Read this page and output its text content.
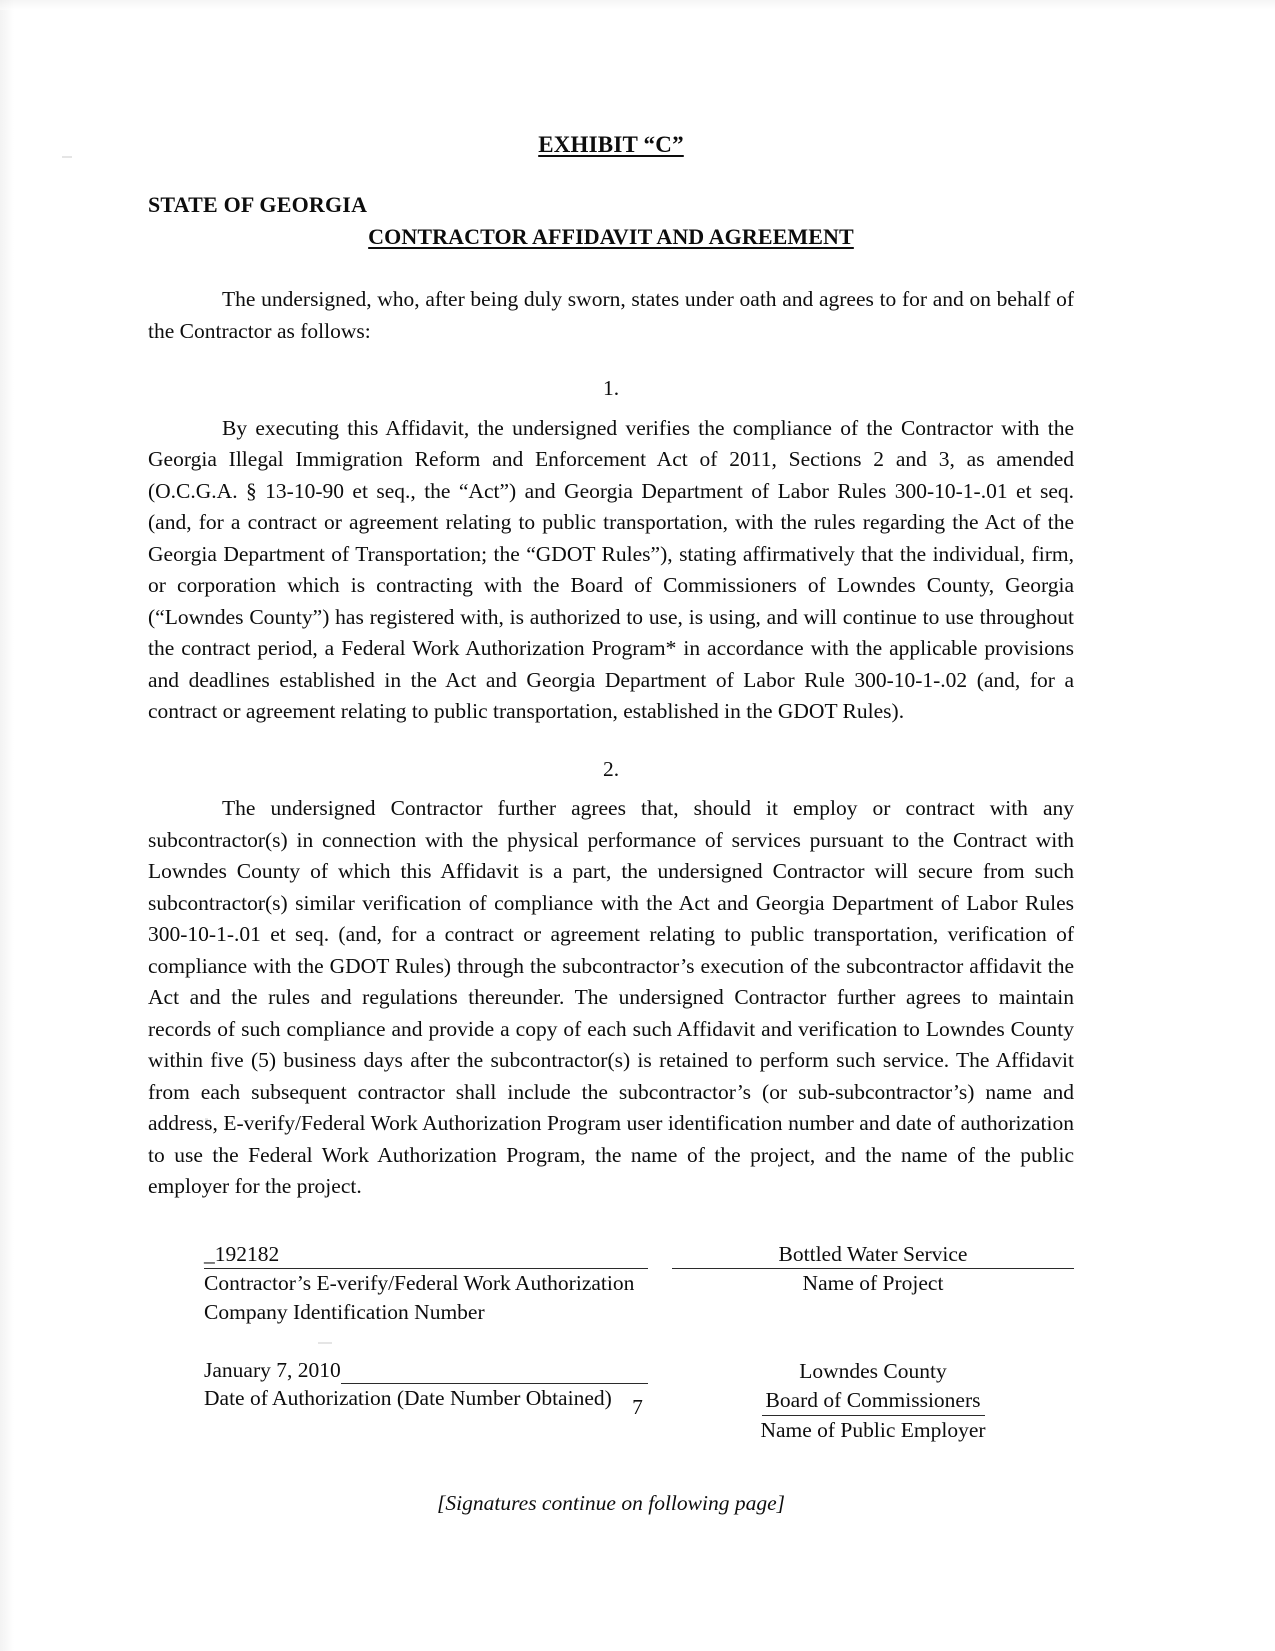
EXHIBIT “C”
STATE OF GEORGIA
CONTRACTOR AFFIDAVIT AND AGREEMENT

The undersigned, who, after being duly sworn, states under oath and agrees to for and on behalf of the Contractor as follows:

1.

By executing this Affidavit, the undersigned verifies the compliance of the Contractor with the Georgia Illegal Immigration Reform and Enforcement Act of 2011, Sections 2 and 3, as amended (O.C.G.A. § 13-10-90 et seq., the “Act”) and Georgia Department of Labor Rules 300-10-1-.01 et seq. (and, for a contract or agreement relating to public transportation, with the rules regarding the Act of the Georgia Department of Transportation; the “GDOT Rules”), stating affirmatively that the individual, firm, or corporation which is contracting with the Board of Commissioners of Lowndes County, Georgia (“Lowndes County”) has registered with, is authorized to use, is using, and will continue to use throughout the contract period, a Federal Work Authorization Program* in accordance with the applicable provisions and deadlines established in the Act and Georgia Department of Labor Rule 300-10-1-.02 (and, for a contract or agreement relating to public transportation, established in the GDOT Rules).

2.

The undersigned Contractor further agrees that, should it employ or contract with any subcontractor(s) in connection with the physical performance of services pursuant to the Contract with Lowndes County of which this Affidavit is a part, the undersigned Contractor will secure from such subcontractor(s) similar verification of compliance with the Act and Georgia Department of Labor Rules 300-10-1-.01 et seq. (and, for a contract or agreement relating to public transportation, verification of compliance with the GDOT Rules) through the subcontractor’s execution of the subcontractor affidavit the Act and the rules and regulations thereunder. The undersigned Contractor further agrees to maintain records of such compliance and provide a copy of each such Affidavit and verification to Lowndes County within five (5) business days after the subcontractor(s) is retained to perform such service. The Affidavit from each subsequent contractor shall include the subcontractor’s (or sub-subcontractor’s) name and address, E-verify/Federal Work Authorization Program user identification number and date of authorization to use the Federal Work Authorization Program, the name of the project, and the name of the public employer for the project.

_192182
Contractor’s E-verify/Federal Work Authorization
Company Identification Number
Bottled Water Service
Name of Project
January 7, 2010
Date of Authorization (Date Number Obtained)
Lowndes County
Board of Commissioners
Name of Public Employer
[Signatures continue on following page]
7
